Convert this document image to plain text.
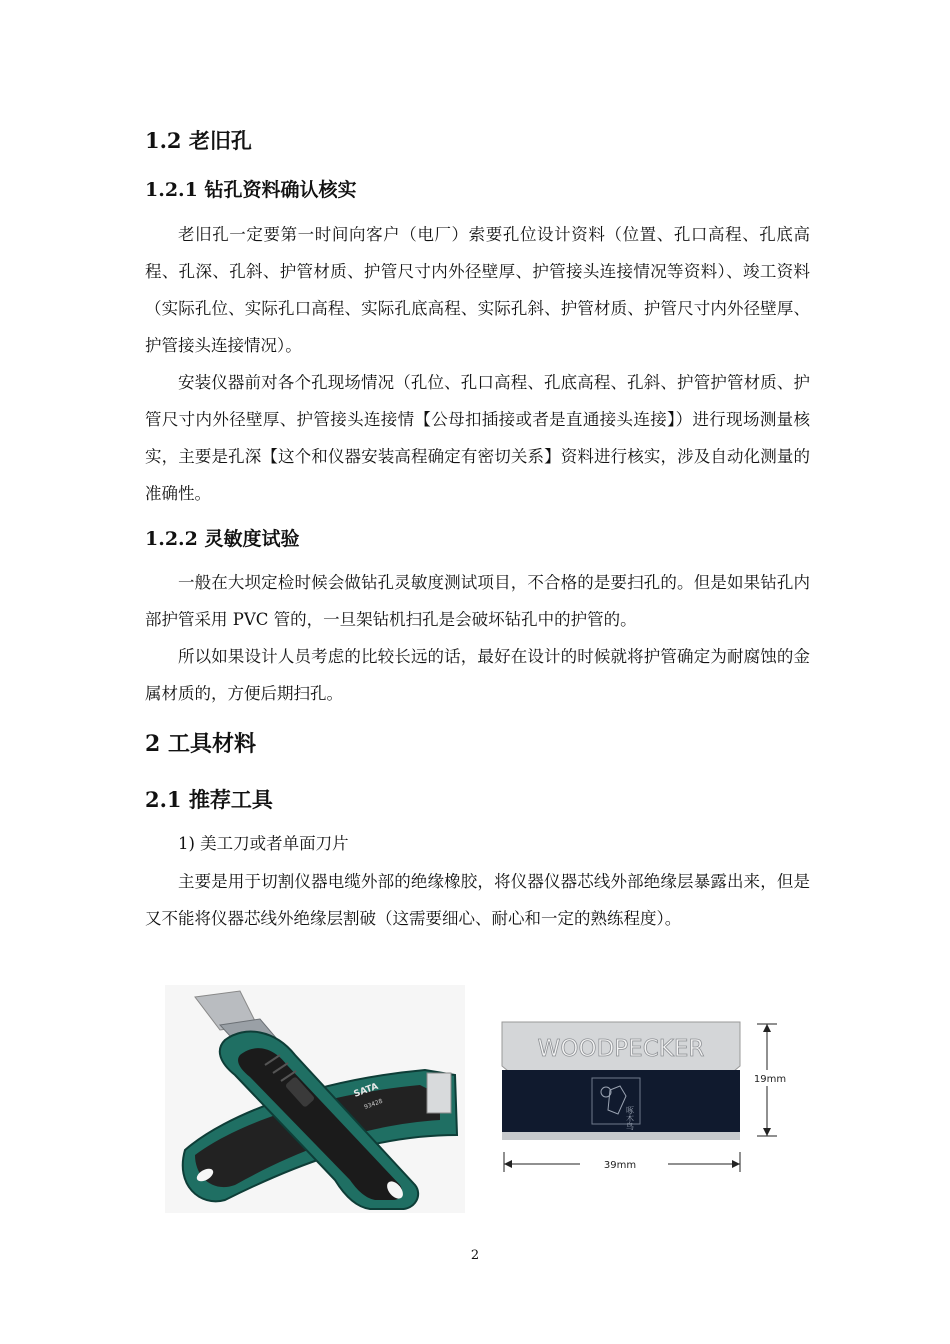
1.2 老旧孔
1.2.1 钻孔资料确认核实
老旧孔一定要第一时间向客户（电厂）索要孔位设计资料（位置、孔口高程、孔底高程、孔深、孔斜、护管材质、护管尺寸内外径壁厚、护管接头连接情况等资料）、竣工资料（实际孔位、实际孔口高程、实际孔底高程、实际孔斜、护管材质、护管尺寸内外径壁厚、护管接头连接情况）。
安装仪器前对各个孔现场情况（孔位、孔口高程、孔底高程、孔斜、护管护管材质、护管尺寸内外径壁厚、护管接头连接情【公母扣插接或者是直通接头连接】）进行现场测量核实，主要是孔深【这个和仪器安装高程确定有密切关系】资料进行核实，涉及自动化测量的准确性。
1.2.2 灵敏度试验
一般在大坝定检时候会做钻孔灵敏度测试项目，不合格的是要扫孔的。但是如果钻孔内部护管采用 PVC 管的，一旦架钻机扫孔是会破坏钻孔中的护管的。
所以如果设计人员考虑的比较长远的话，最好在设计的时候就将护管确定为耐腐蚀的金属材质的，方便后期扫孔。
2 工具材料
2.1 推荐工具
1) 美工刀或者单面刀片
主要是用于切割仪器电缆外部的绝缘橡胶，将仪器仪器芯线外部绝缘层暴露出来，但是又不能将仪器芯线外绝缘层割破（这需要细心、耐心和一定的熟练程度）。
SATA
93428
WOODPECKER
啄木鸟
19mm
39mm
2
